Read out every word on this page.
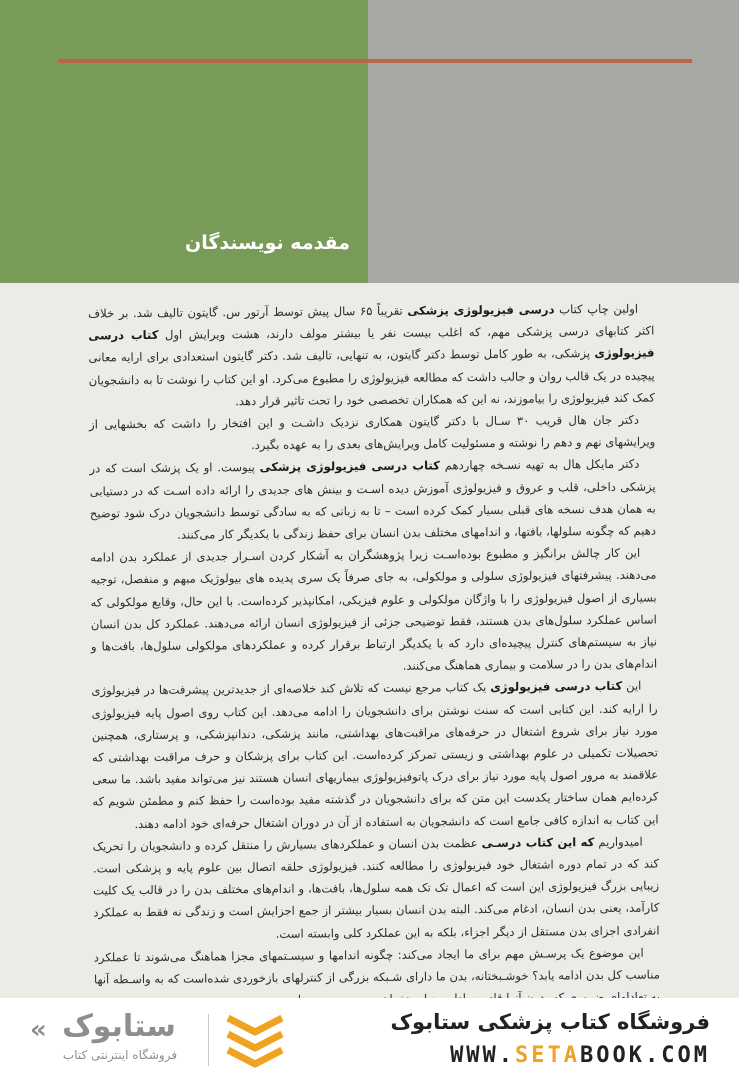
مقدمه نویسندگان

اولین چاپ کتاب درسی فیزیولوژی پزشکی تقریباً ۶۵ سال پیش توسط آرتور س. گایتون تالیف شد. بر خلاف اکثر کتابهای درسی پزشکی مهم، که اغلب بیست نفر یا بیشتر مولف دارند، هشت ویرایش اول کتاب درسی فیزیولوژی پزشکی، به طور کامل توسط دکتر گایتون، به تنهایی، تالیف شد. دکتر گایتون استعدادی برای ارایه معانی پیچیده در یک قالب روان و جالب داشت که مطالعه فیزیولوژی را مطبوع می‌کرد. او این کتاب را نوشت تا به دانشجویان کمک کند فیزیولوژی را بیاموزند، نه این که همکاران تخصصی خود را تحت تاثیر قرار دهد.

دکتر جان هال قریب ۳۰ سـال با دکتر گایتون همکاری نزدیک داشـت و این افتخار را داشت که بخشهایی از ویرایشهای نهم و دهم را نوشته و مسئولیت کامل ویرایش‌های بعدی را به عهده بگیرد.

دکتر مایکل هال به تهیه نسـخه چهاردهم کتاب درسی فیزیولوژی پزشکی پیوست. او یک پزشک است که در پزشکی داخلی، قلب و عروق و فیزیولوژی آموزش دیده اسـت و بینش های جدیدی را ارائه داده اسـت که در دستیابی به همان هدف نسخه های قبلی بسیار کمک کرده است – تا به زبانی که به سادگی توسط دانشجویان درک شود توضیح دهیم که چگونه سلولها، بافتها، و اندامهای مختلف بدن انسان برای حفظ زندگی با یکدیگر کار می‌کنند.

این کار چالش برانگیز و مطبوع بوده‌اسـت زیرا پژوهشگران به آشکار کردن اسـرار جدیدی از عملکرد بدن ادامه می‌دهند. پیشرفتهای فیزیولوژی سلولی و مولکولی، به جای صرفاً یک سری پدیده های بیولوژیک مبهم و منفصل، توجیه بسیاری از اصول فیزیولوژی را با واژگان مولکولی و علوم فیزیکی، امکانپذیر کرده‌است. با این حال، وقایع مولکولی که اساس عملکرد سلول‌های بدن هستند، فقط توضیحی جزئی از فیزیولوژی انسان ارائه می‌دهند. عملکرد کل بدن انسان نیاز به سیستم‌های کنترل پیچیده‌ای دارد که با یکدیگر ارتباط برقرار کرده و عملکردهای مولکولی سلول‌ها، بافت‌ها و اندام‌های بدن را در سلامت و بیماری هماهنگ می‌کنند.

این کتاب درسی فیزیولوژی یک کتاب مرجع نیست که تلاش کند خلاصه‌ای از جدیدترین پیشرفت‌ها در فیزیولوژی را ارایه کند. این کتابی است که سنت نوشتن برای دانشجویان را ادامه می‌دهد. این کتاب روی اصول پایه فیزیولوژی مورد نیاز برای شروع اشتغال در حرفه‌های مراقبت‌های بهداشتی، مانند پزشکی، دندانپزشکی، و پرستاری، همچنین تحصیلات تکمیلی در علوم بهداشتی و زیستی تمرکز کرده‌است. این کتاب برای پزشکان و حرف مراقبت بهداشتی که علاقمند به مرور اصول پایه مورد نیاز برای درک پاتوفیزیولوژی بیماریهای انسان هستند نیز می‌تواند مفید باشد. ما سعی کرده‌ایم همان ساختار یکدست این متن که برای دانشجویان در گذشته مفید بوده‌است را حفظ کنم و مطمئن شویم که این کتاب به اندازه کافی جامع است که دانشجویان به استفاده از آن در دوران اشتغال حرفه‌ای خود ادامه دهند.

امیدواریم که این کتاب درسـی عظمت بدن انسان و عملکردهای بسیارش را منتقل کرده و دانشجویان را تحریک کند که در تمام دوره اشتغال خود فیزیولوژی را مطالعه کنند. فیزیولوژی حلقه اتصال بین علوم پایه و پزشکی است. زیبایی بزرگ فیزیولوژی این است که اعمال تک تک همه سلول‌ها، بافت‌ها، و اندام‌های مختلف بدن را در قالب یک کلیت کارآمد، یعنی بدن انسان، ادغام می‌کند. البته بدن انسان بسیار بیشتر از جمع اجزایش است و زندگی نه فقط به عملکرد انفرادی اجزای بدن مستقل از دیگر اجزاء، بلکه به این عملکرد کلی وابسته است.

این موضوع یک پرسـش مهم برای ما ایجاد می‌کند: چگونه اندامها و سیسـتمهای مجزا هماهنگ می‌شوند تا عملکرد مناسب کل بدن ادامه یابد؟ خوشـبختانه، بدن ما دارای شـبکه بزرگی از کنترلهای بازخوردی شده‌است که به واسـطه آنها به

« ستابوک
فروشگاه اینترنتی کتاب
فروشگاه کتاب پزشکی ستابوک
WWW.SETABOOK.COM
